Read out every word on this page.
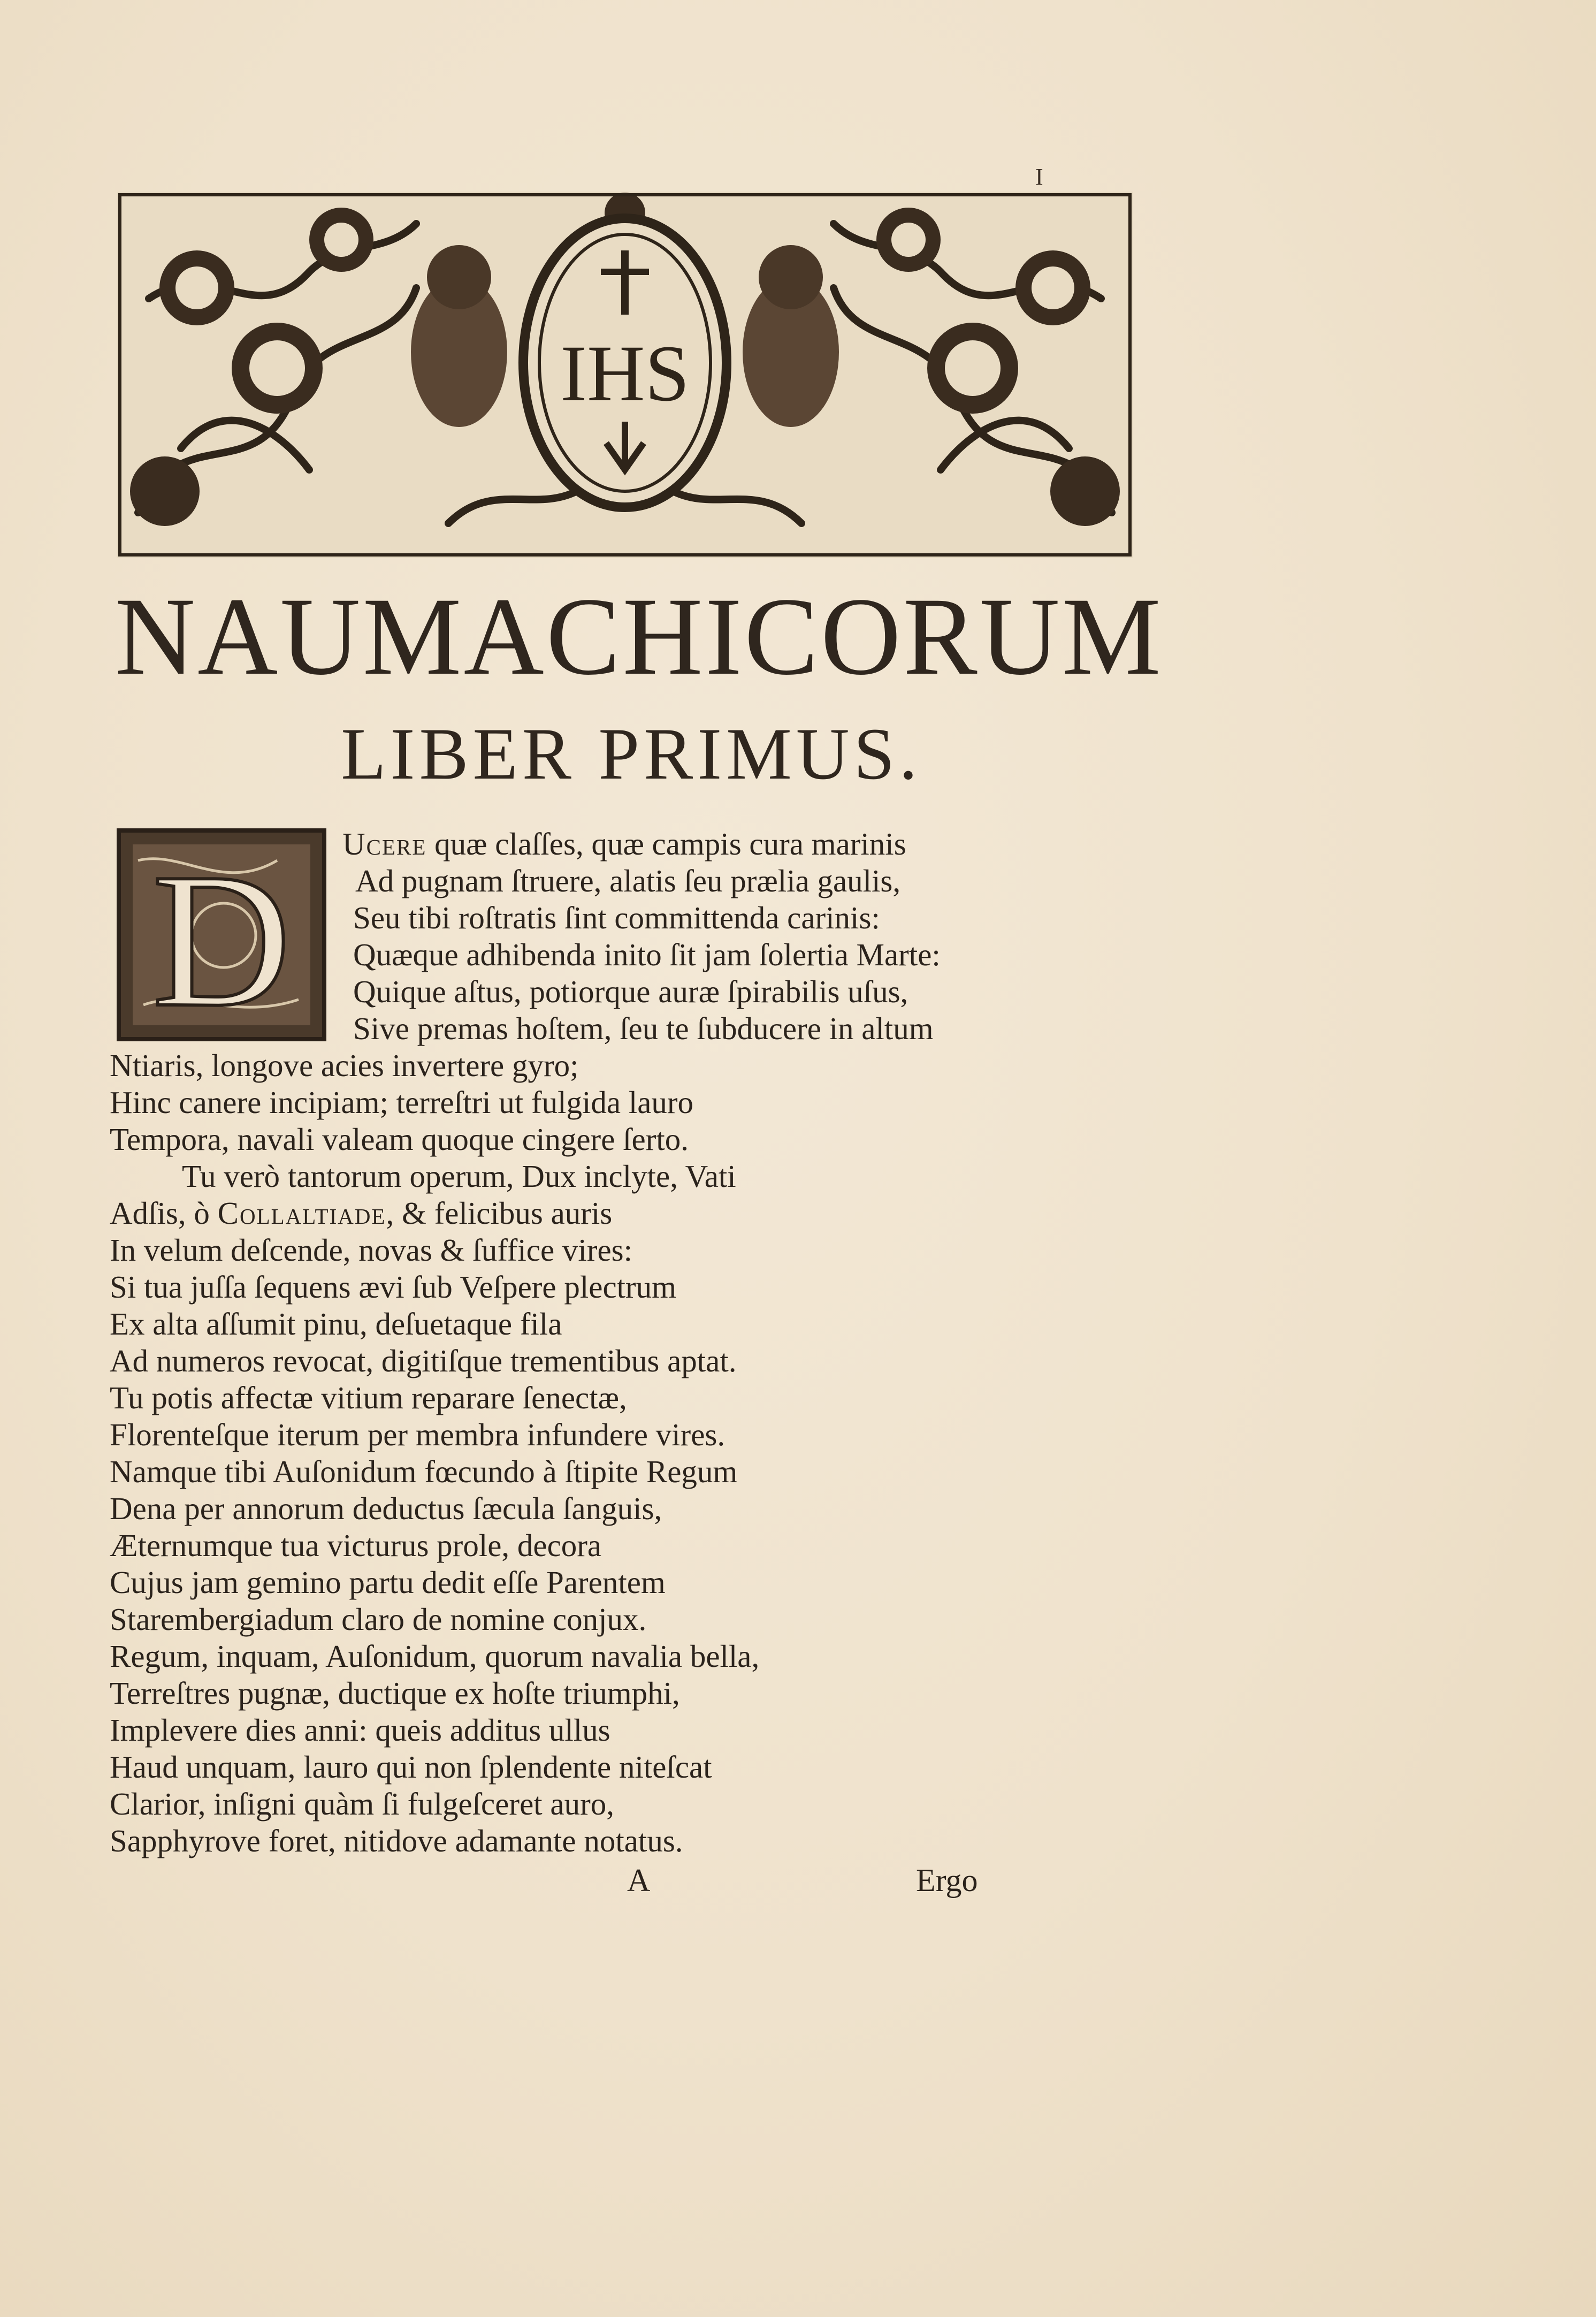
I
IHS
NAUMACHICORUM
LIBER PRIMUS.
D Ucere quæ claſſes, quæ campis cura marinis
Ad pugnam ſtruere, alatis ſeu prælia gaulis,
Seu tibi roſtratis ſint committenda carinis:
Quæque adhibenda inito ſit jam ſolertia Marte:
Quique aſtus, potiorque auræ ſpirabilis uſus,
Sive premas hoſtem, ſeu te ſubducere in altum
Ntiaris, longove acies invertere gyro;
Hinc canere incipiam; terreſtri ut fulgida lauro
Tempora, navali valeam quoque cingere ſerto.
Tu verò tantorum operum, Dux inclyte, Vati
Adſis, ò Collaltiade, & felicibus auris
In velum deſcende, novas & ſuffice vires:
Si tua juſſa ſequens ævi ſub Veſpere plectrum
Ex alta aſſumit pinu, deſuetaque fila
Ad numeros revocat, digitiſque trementibus aptat.
Tu potis affectæ vitium reparare ſenectæ,
Florenteſque iterum per membra infundere vires.
Namque tibi Auſonidum fœcundo à ſtipite Regum
Dena per annorum deductus ſæcula ſanguis,
Æternumque tua victurus prole, decora
Cujus jam gemino partu dedit eſſe Parentem
Starembergiadum claro de nomine conjux.
Regum, inquam, Auſonidum, quorum navalia bella,
Terreſtres pugnæ, ductique ex hoſte triumphi,
Implevere dies anni: queis additus ullus
Haud unquam, lauro qui non ſplendente niteſcat
Clarior, inſigni quàm ſi fulgeſceret auro,
Sapphyrove foret, nitidove adamante notatus.
A	Ergo
